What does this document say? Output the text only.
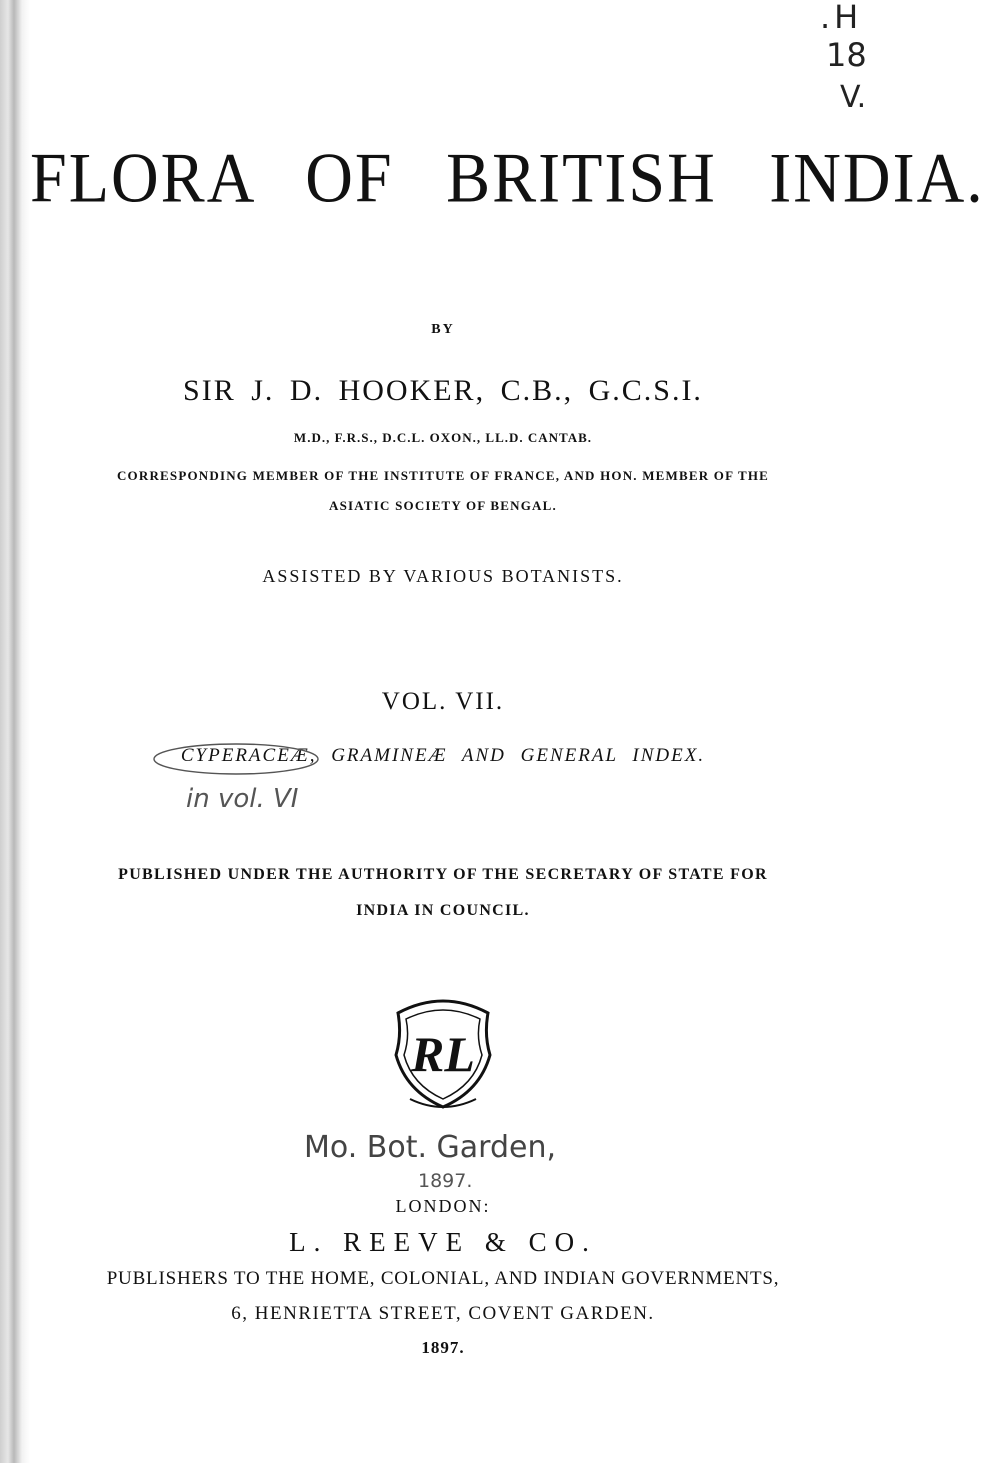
.H
18
V.
FLORA OF BRITISH INDIA.
BY
SIR J. D. HOOKER, C.B., G.C.S.I.
M.D., F.R.S., D.C.L. OXON., LL.D. CANTAB.
CORRESPONDING MEMBER OF THE INSTITUTE OF FRANCE, AND HON. MEMBER OF THE
ASIATIC SOCIETY OF BENGAL.
ASSISTED BY VARIOUS BOTANISTS.
VOL. VII.
CYPERACEÆ, GRAMINEÆ AND GENERAL INDEX.
in vol. VI
PUBLISHED UNDER THE AUTHORITY OF THE SECRETARY OF STATE FOR
INDIA IN COUNCIL.
RL
Mo. Bot. Garden,
1897.
LONDON:
L. REEVE & CO.
PUBLISHERS TO THE HOME, COLONIAL, AND INDIAN GOVERNMENTS,
6, HENRIETTA STREET, COVENT GARDEN.
1897.
